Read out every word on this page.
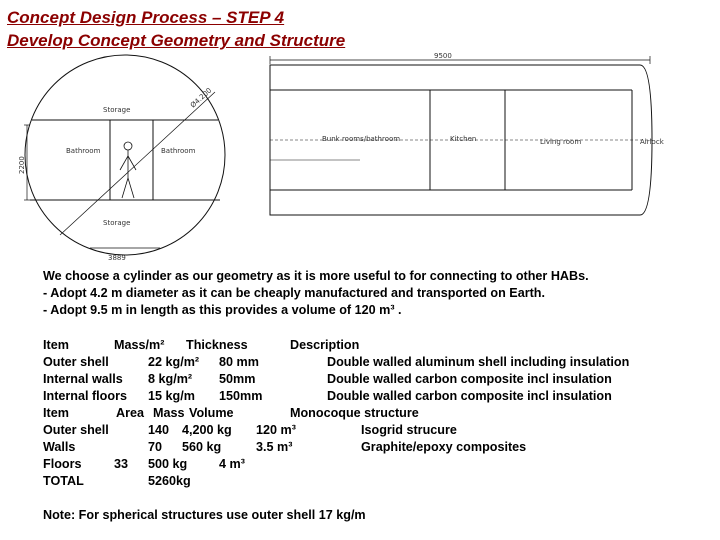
Concept Design Process – STEP 4
Develop Concept Geometry and Structure
Storage
Bathroom	Bathroom
Storage
2200
3889
Ø4.200
9500
Bunk rooms/bathroom	Kitchen	Living room	Airlock
We choose a cylinder as our geometry as it is more useful to for connecting to other HABs.
- Adopt 4.2 m diameter as it can be cheaply manufactured and transported on Earth.
- Adopt 9.5 m in length as this provides a volume of 120 m³ .
Item	Mass/m² Thickness	Description
Outer shell	22 kg/m² 80 mm	Double walled aluminum shell including insulation
Internal walls 8 kg/m² 50mm	Double walled carbon composite incl insulation
Internal floors 15 kg/m 150mm	Double walled carbon composite incl insulation
Item	Area Mass Volume	Monocoque structure
Outer shell	140 4,200 kg 120 m³	Isogrid strucure
Walls	70 560 kg	3.5 m³	Graphite/epoxy composites
Floors	33 500 kg	4 m³
TOTAL	5260kg
Note: For spherical structures use outer shell 17 kg/m
